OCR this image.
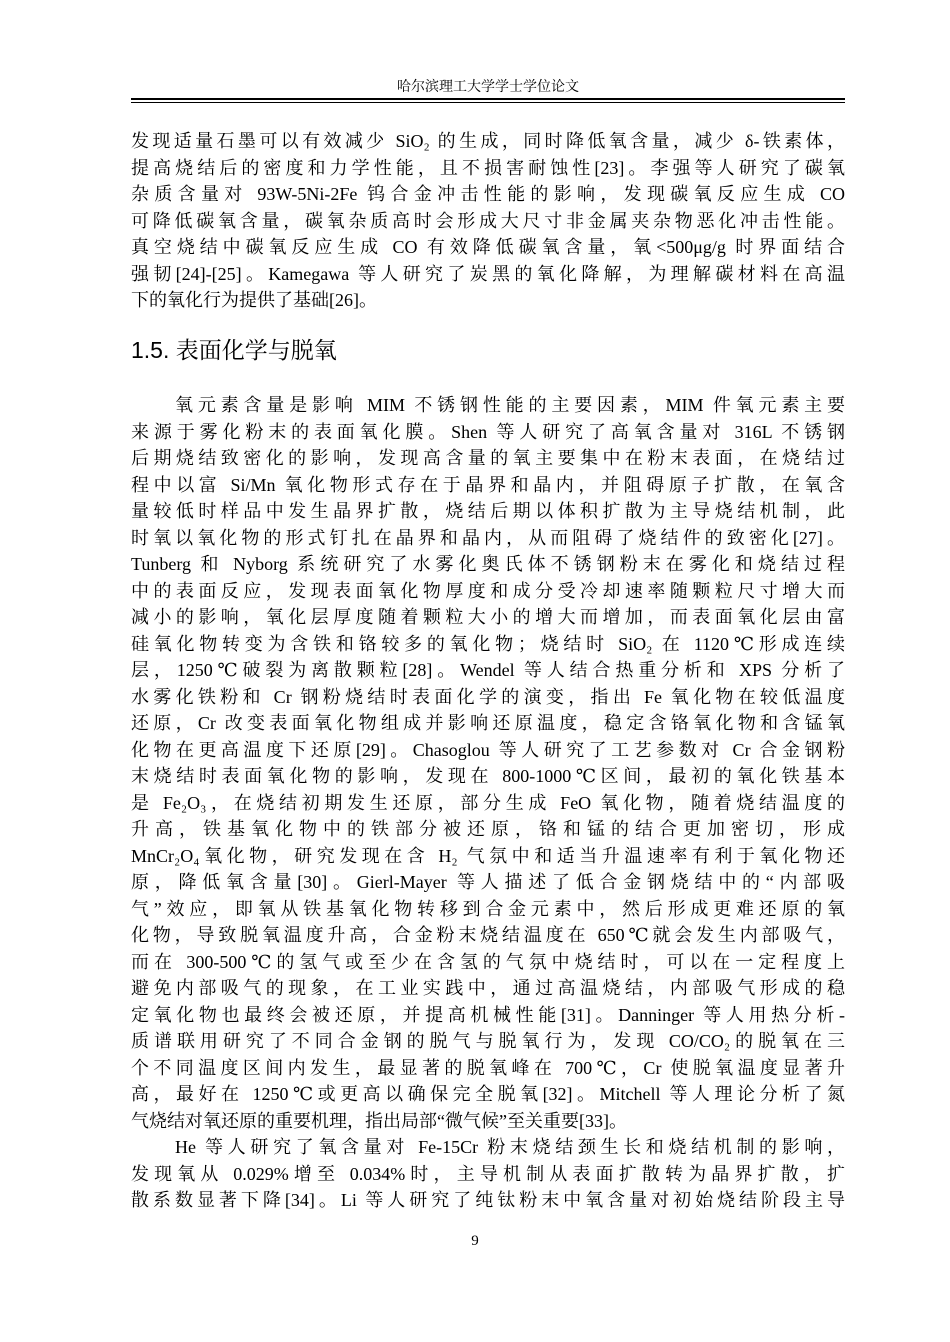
哈尔滨理工大学学士学位论文
发现适量石墨可以有效减少 SiO₂ 的生成，同时降低氧含量，减少 δ-铁素体，
提高烧结后的密度和力学性能，且不损害耐蚀性[23]。李强等人研究了碳氧
杂质含量对 93W-5Ni-2Fe 钨合金冲击性能的影响，发现碳氧反应生成 CO
可降低碳氧含量，碳氧杂质高时会形成大尺寸非金属夹杂物恶化冲击性能。
真空烧结中碳氧反应生成 CO 有效降低碳氧含量，氧<500μg/g 时界面结合
强韧[24]-[25]。Kamegawa 等人研究了炭黑的氧化降解，为理解碳材料在高温
下的氧化行为提供了基础[26]。
1.5. 表面化学与脱氧
氧元素含量是影响 MIM 不锈钢性能的主要因素，MIM 件氧元素主要
来源于雾化粉末的表面氧化膜。Shen 等人研究了高氧含量对 316L 不锈钢
后期烧结致密化的影响，发现高含量的氧主要集中在粉末表面，在烧结过
程中以富 Si/Mn 氧化物形式存在于晶界和晶内，并阻碍原子扩散，在氧含
量较低时样品中发生晶界扩散，烧结后期以体积扩散为主导烧结机制，此
时氧以氧化物的形式钉扎在晶界和晶内，从而阻碍了烧结件的致密化[27]。
Tunberg 和 Nyborg 系统研究了水雾化奥氏体不锈钢粉末在雾化和烧结过程
中的表面反应，发现表面氧化物厚度和成分受冷却速率随颗粒尺寸增大而
减小的影响，氧化层厚度随着颗粒大小的增大而增加，而表面氧化层由富
硅氧化物转变为含铁和铬较多的氧化物；烧结时 SiO₂ 在 1120℃形成连续
层，1250℃破裂为离散颗粒[28]。Wendel 等人结合热重分析和 XPS 分析了
水雾化铁粉和 Cr 钢粉烧结时表面化学的演变，指出 Fe 氧化物在较低温度
还原，Cr 改变表面氧化物组成并影响还原温度，稳定含铬氧化物和含锰氧
化物在更高温度下还原[29]。Chasoglou 等人研究了工艺参数对 Cr 合金钢粉
末烧结时表面氧化物的影响，发现在 800-1000℃区间，最初的氧化铁基本
是 Fe₂O₃，在烧结初期发生还原，部分生成 FeO 氧化物，随着烧结温度的
升高，铁基氧化物中的铁部分被还原，铬和锰的结合更加密切，形成
MnCr₂O₄氧化物，研究发现在含 H₂ 气氛中和适当升温速率有利于氧化物还
原，降低氧含量[30]。Gierl-Mayer 等人描述了低合金钢烧结中的“内部吸
气”效应，即氧从铁基氧化物转移到合金元素中，然后形成更难还原的氧
化物，导致脱氧温度升高，合金粉末烧结温度在 650℃就会发生内部吸气，
而在 300-500℃的氢气或至少在含氢的气氛中烧结时，可以在一定程度上
避免内部吸气的现象，在工业实践中，通过高温烧结，内部吸气形成的稳
定氧化物也最终会被还原，并提高机械性能[31]。Danninger 等人用热分析-
质谱联用研究了不同合金钢的脱气与脱氧行为，发现 CO/CO₂的脱氧在三
个不同温度区间内发生，最显著的脱氧峰在 700℃，Cr 使脱氧温度显著升
高，最好在 1250℃或更高以确保完全脱氧[32]。Mitchell 等人理论分析了氮
气烧结对氧还原的重要机理，指出局部“微气候”至关重要[33]。
He 等人研究了氧含量对 Fe-15Cr 粉末烧结颈生长和烧结机制的影响，
发现氧从 0.029%增至 0.034%时，主导机制从表面扩散转为晶界扩散，扩
散系数显著下降[34]。Li 等人研究了纯钛粉末中氧含量对初始烧结阶段主导
9
